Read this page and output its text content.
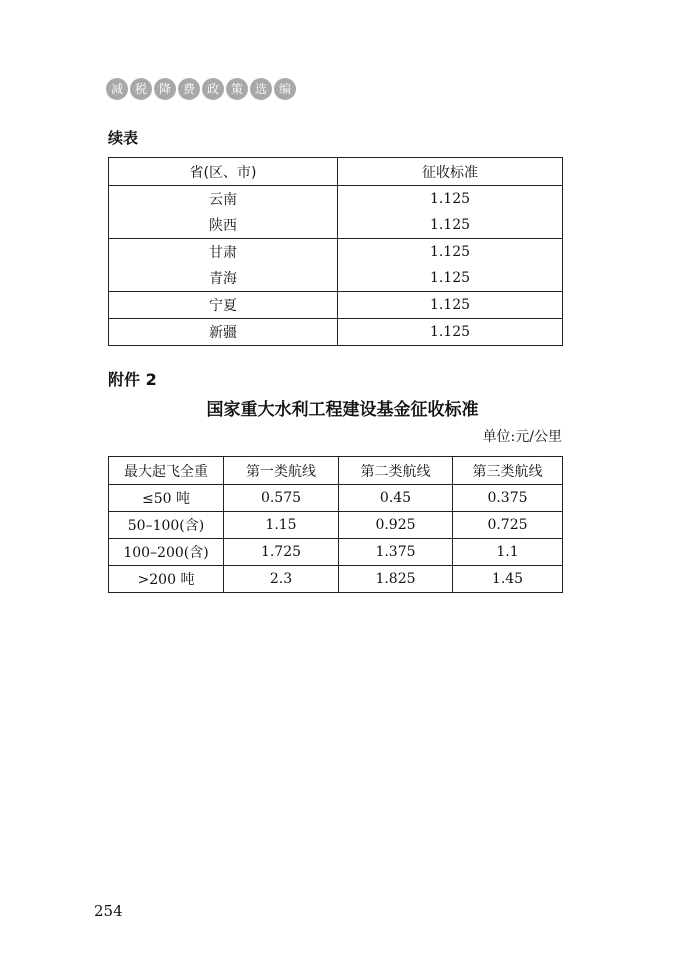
减 税 降 费 政 策 选 编
续表
省(区、市)	征收标准
云南	1.125
陕西	1.125
甘肃	1.125
青海	1.125
宁夏	1.125
新疆	1.125
附件 2
国家重大水利工程建设基金征收标准
单位:元/公里
最大起飞全重	第一类航线	第二类航线	第三类航线
≤50 吨	0.575	0.45	0.375
50–100(含)	1.15	0.925	0.725
100–200(含)	1.725	1.375	1.1
>200 吨	2.3	1.825	1.45
254
